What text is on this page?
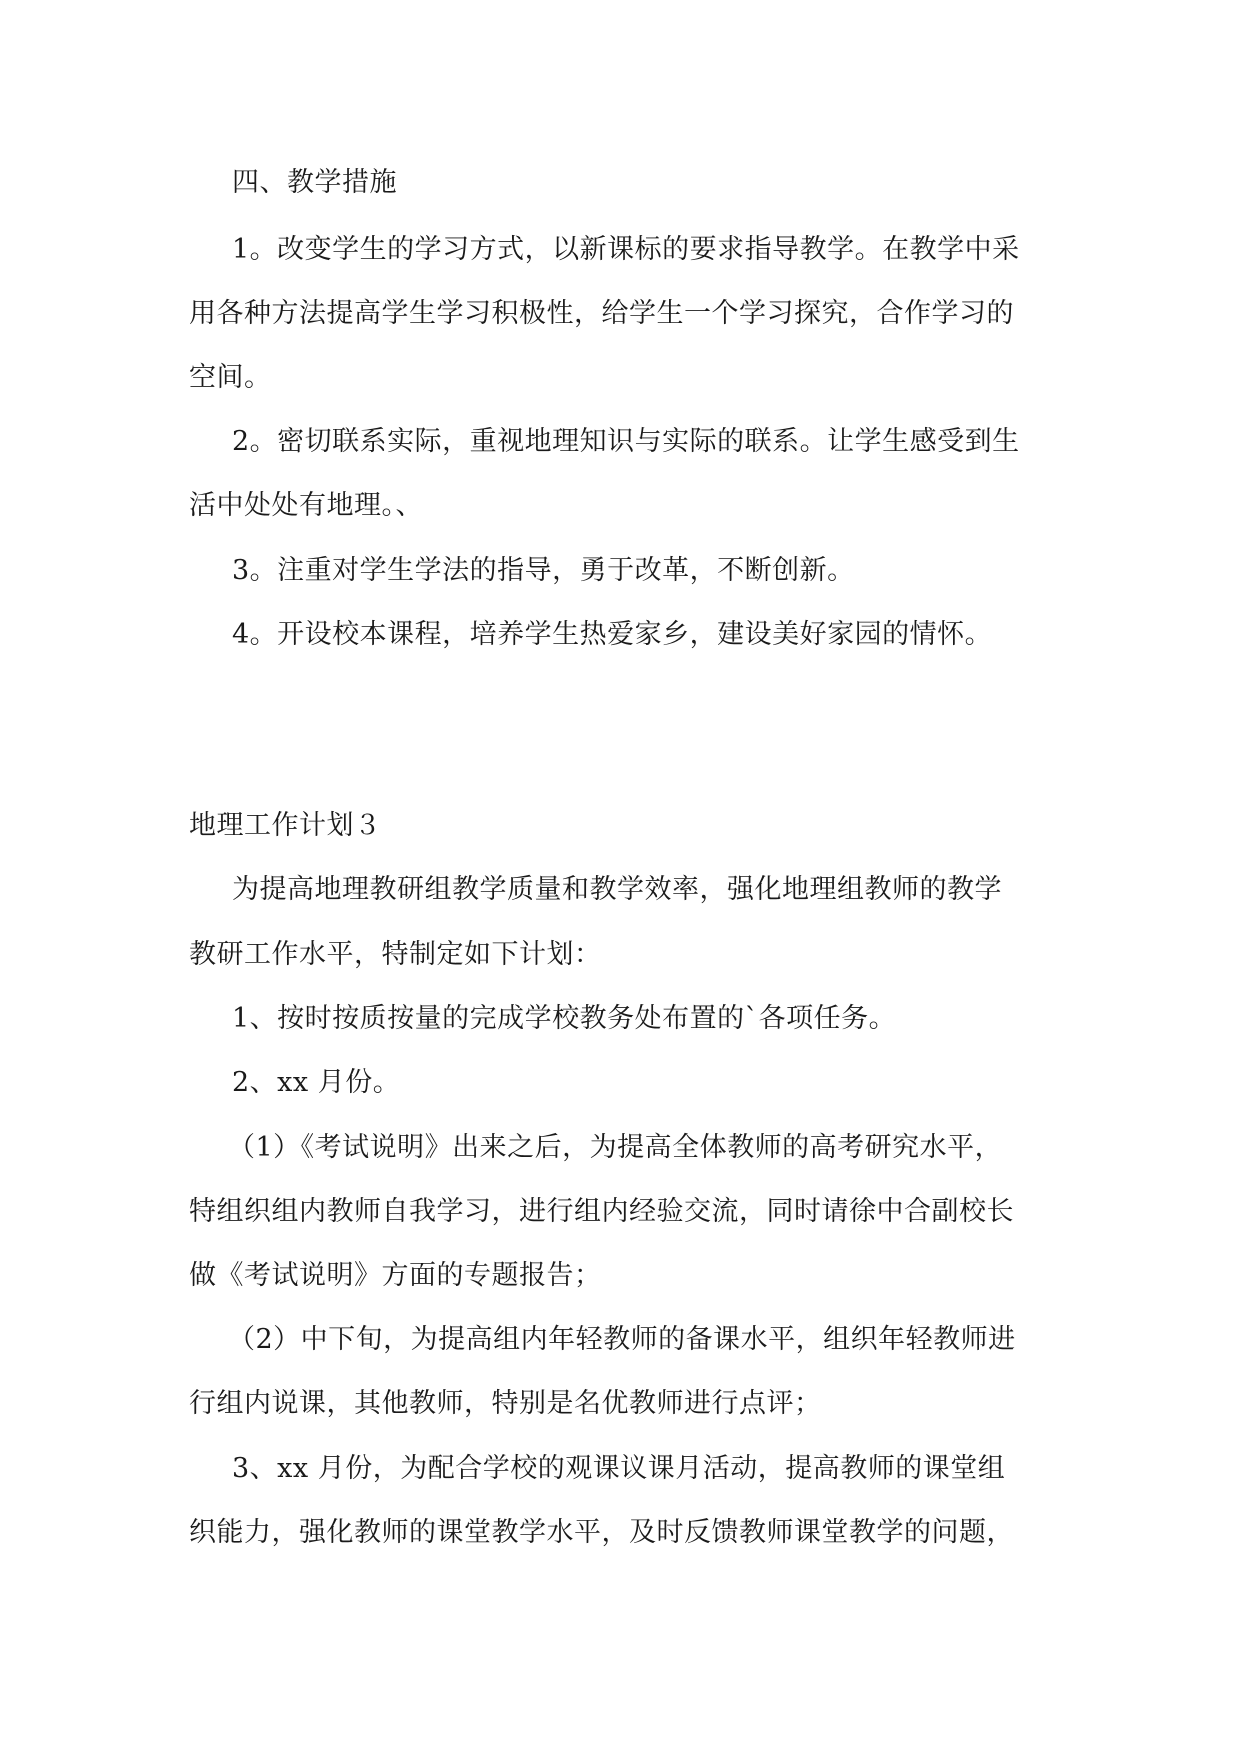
四、教学措施
1。改变学生的学习方式，以新课标的要求指导教学。在教学中采
用各种方法提高学生学习积极性，给学生一个学习探究，合作学习的
空间。
2。密切联系实际，重视地理知识与实际的联系。让学生感受到生
活中处处有地理。、
3。注重对学生学法的指导，勇于改革，不断创新。
4。开设校本课程，培养学生热爱家乡，建设美好家园的情怀。
地理工作计划３
为提高地理教研组教学质量和教学效率，强化地理组教师的教学
教研工作水平，特制定如下计划：
1、按时按质按量的完成学校教务处布置的`各项任务。
2、xx 月份。
（1）《考试说明》出来之后，为提高全体教师的高考研究水平，
特组织组内教师自我学习，进行组内经验交流，同时请徐中合副校长
做《考试说明》方面的专题报告；
（2）中下旬，为提高组内年轻教师的备课水平，组织年轻教师进
行组内说课，其他教师，特别是名优教师进行点评；
3、xx 月份，为配合学校的观课议课月活动，提高教师的课堂组
织能力，强化教师的课堂教学水平，及时反馈教师课堂教学的问题，
